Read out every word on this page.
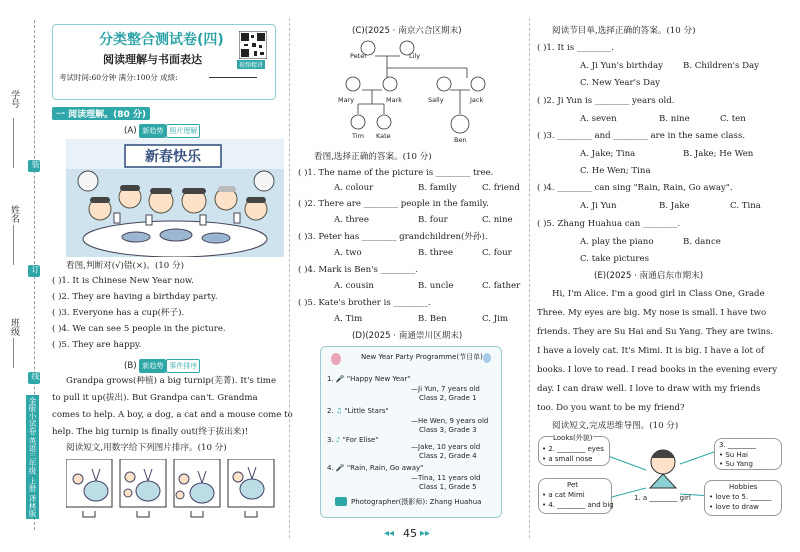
学号
装
姓名
订
班级
线
金版小试卷 英语三年级 上册 译林版
分类整合测试卷(四)
阅读理解与书面表达
考试时间:60分钟 满分:100分 成绩:
视频精讲
一 阅读理解。(80 分)
(A) 新趋势 照片理解
新春快乐
看图,判断对(√)错(×)。(10 分)
( )1. It is Chinese New Year now.
( )2. They are having a birthday party.
( )3. Everyone has a cup(杯子).
( )4. We can see 5 people in the picture.
( )5. They are happy.
(B) 新趋势 事件排序
Grandpa grows(种植) a big turnip(芜菁). It's time
to pull it up(拔出). But Grandpa can't. Grandma
comes to help. A boy, a dog, a cat and a mouse come to
help. The big turnip is finally out(终于拔出来)!
阅读短文,用数字给下列图片排序。(10 分)
(C)(2025 · 南京六合区期末)
Peter	Lily
Mary	Mark	Sally	Jack
Tim Kate	Ben
看图,选择正确的答案。(10 分)
( )1. The name of the picture is ________ tree.
A. colour	B. family	C. friend
( )2. There are ________ people in the family.
A. three	B. four	C. nine
( )3. Peter has ________ grandchildren(外孙).
A. two	B. three	C. four
( )4. Mark is Ben's ________.
A. cousin	B. uncle	C. father
( )5. Kate's brother is ________.
A. Tim	B. Ben	C. Jim
(D)(2025 · 南通崇川区期末)
New Year Party Programme(节目单)
1. 🎤 "Happy New Year"
—Ji Yun, 7 years old
Class 2, Grade 1
2. ♫ "Little Stars"
—He Wen, 9 years old
Class 3, Grade 3
3. ♪ "For Elise"
—Jake, 10 years old
Class 2, Grade 4
4. 🎤 "Rain, Rain, Go away"
—Tina, 11 years old
Class 1, Grade 5
Photographer(摄影师): Zhang Huahua
阅读节目单,选择正确的答案。(10 分)
( )1. It is ________.
A. Ji Yun's birthday B. Children's Day
C. New Year's Day
( )2. Ji Yun is ________ years old.
A. seven	B. nine	C. ten
( )3. ________ and ________ are in the same class.
A. Jake; Tina	B. Jake; He Wen
C. He Wen; Tina
( )4. ________ can sing "Rain, Rain, Go away".
A. Ji Yun	B. Jake	C. Tina
( )5. Zhang Huahua can ________.
A. play the piano	B. dance
C. take pictures
(E)(2025 · 南通启东市期末)
Hi, I'm Alice. I'm a good girl in Class One, Grade
Three. My eyes are big. My nose is small. I have two
friends. They are Su Hai and Su Yang. They are twins.
I have a lovely cat. It's Mimi. It is big. I have a lot of
books. I love to read. I read books in the evening every
day. I can draw well. I love to draw with my friends
too. Do you want to be my friend?
阅读短文,完成思维导图。(10 分)
Looks(外貌)
• 2. ________ eyes
• a small nose
3. ________
• Su Hai
• Su Yang
Pet
• a cat Mimi
• 4. ________ and big
1. a ________ girl
Hobbies
• love to 5. ______
• love to draw
◂◂ 45 ▸▸
